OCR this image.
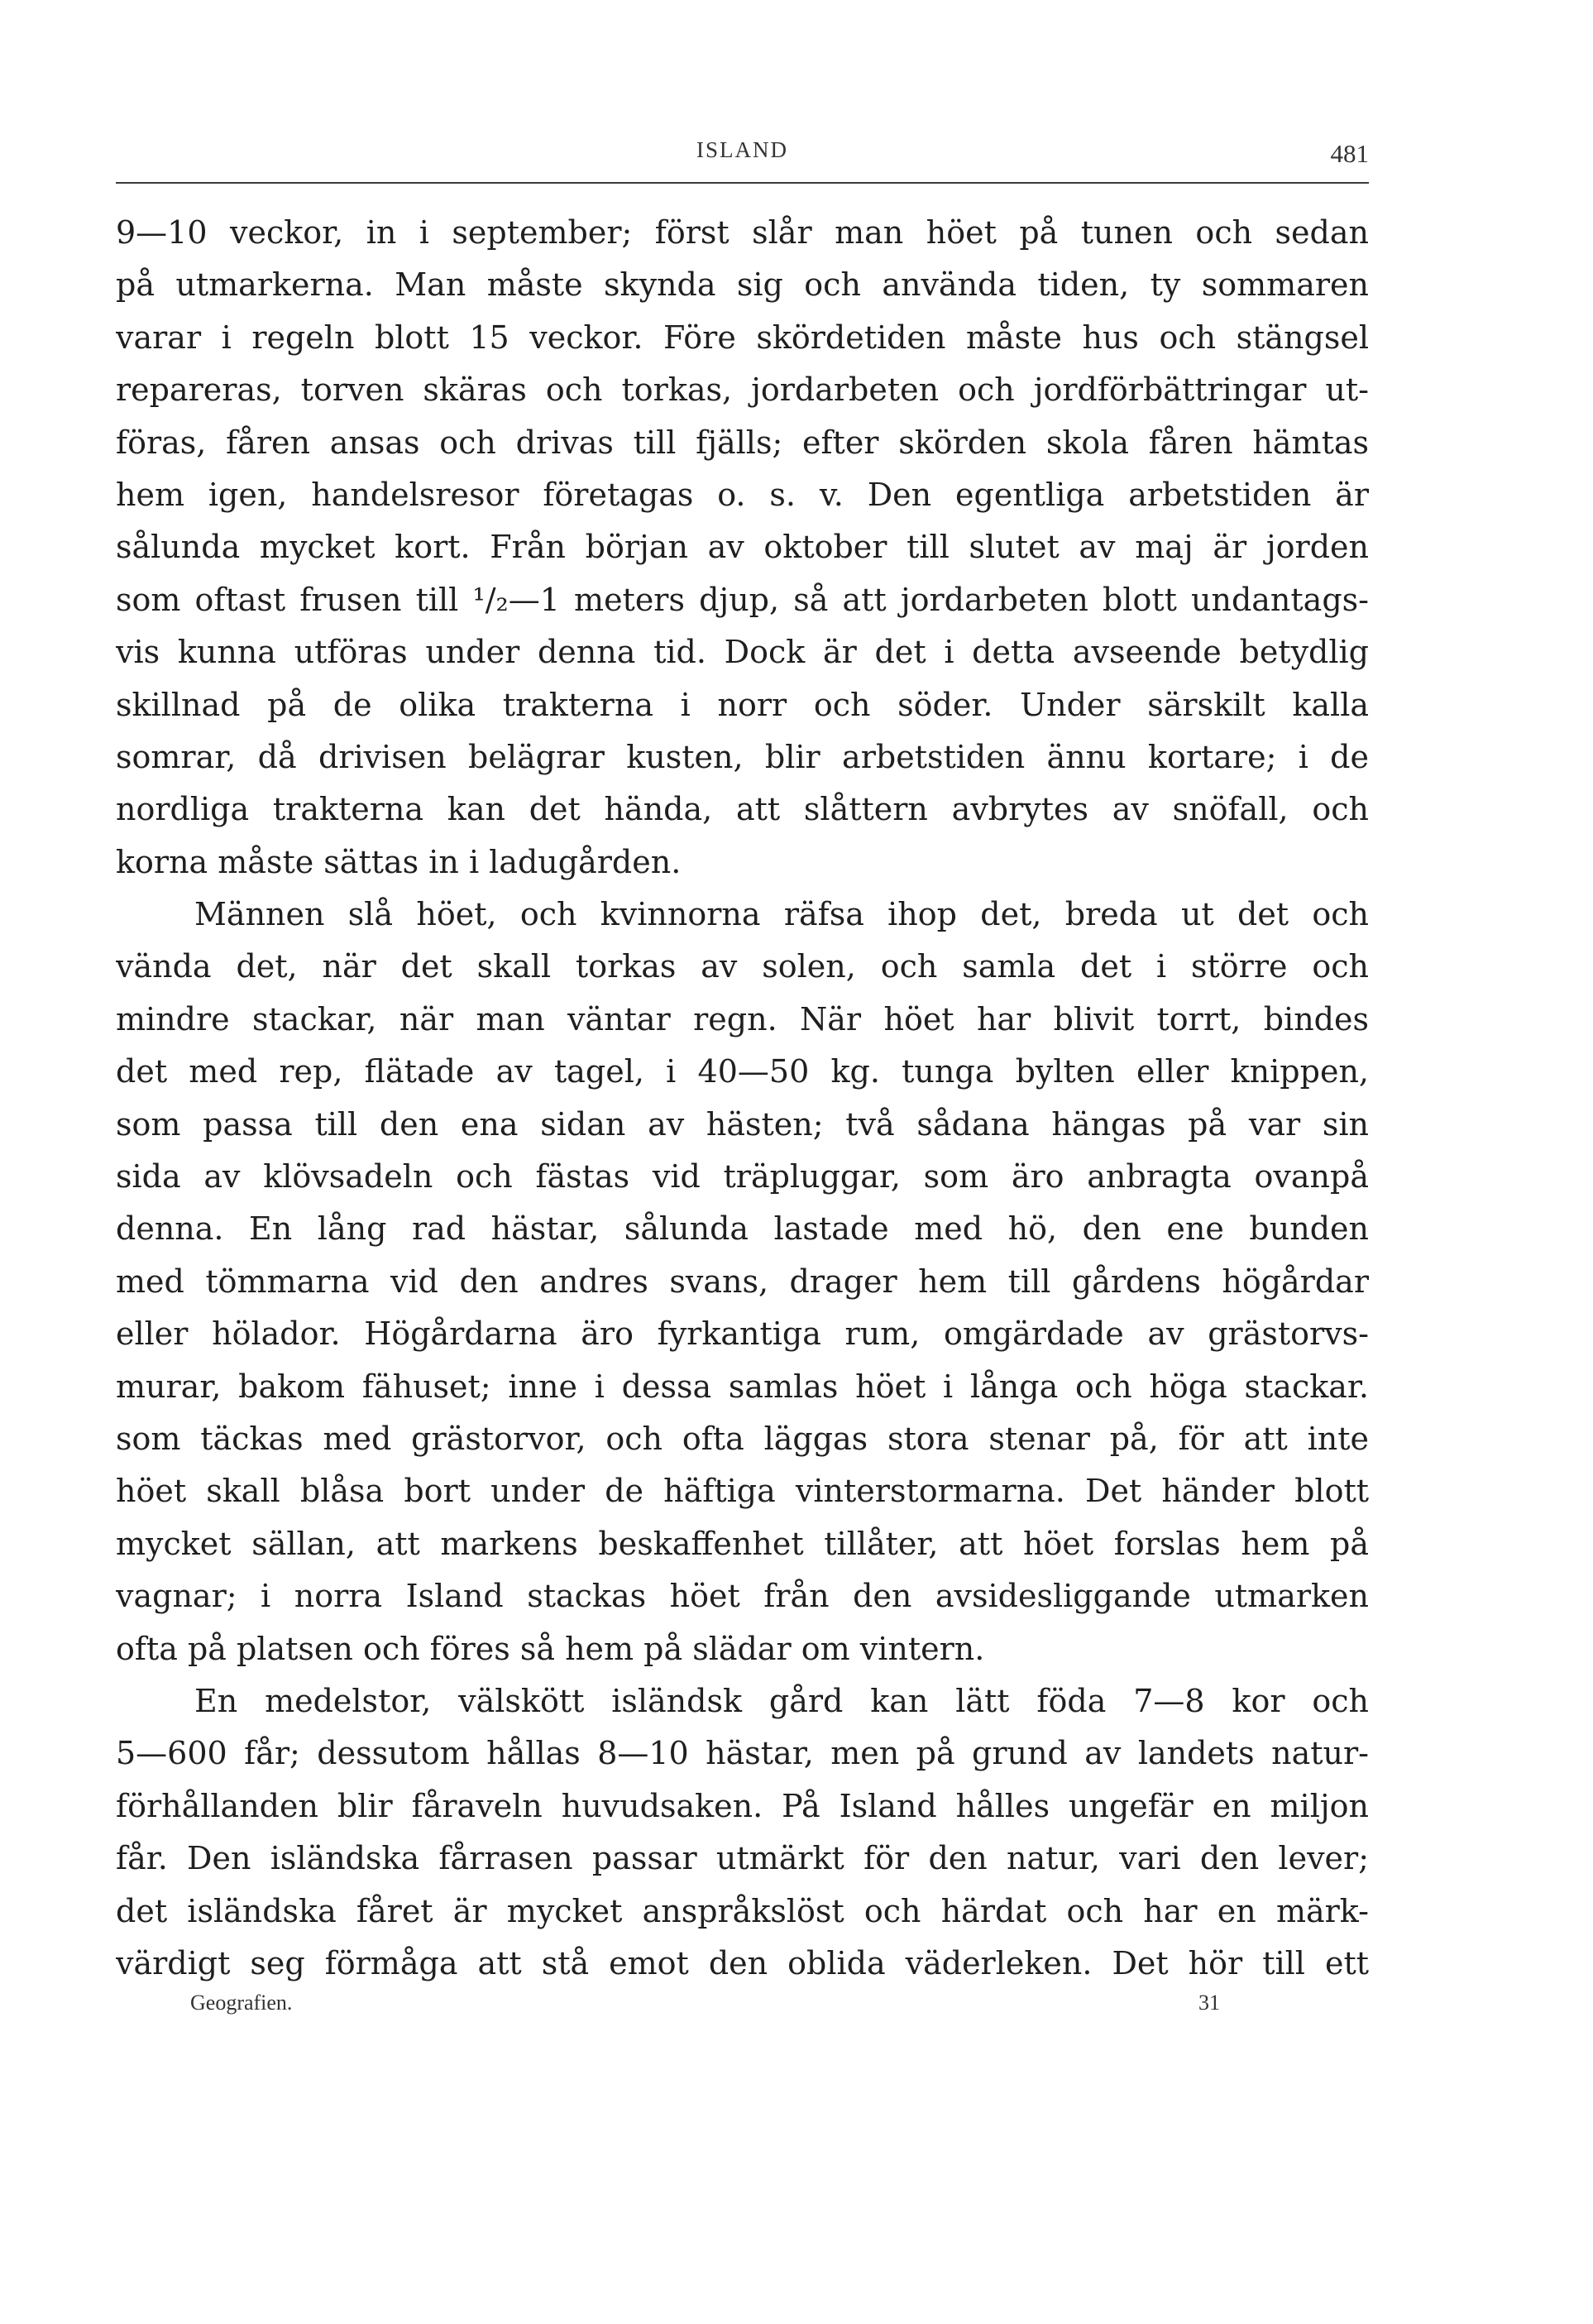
ISLAND	481
9—10 veckor, in i september; först slår man höet på tunen och sedan
på utmarkerna. Man måste skynda sig och använda tiden, ty sommaren
varar i regeln blott 15 veckor. Före skördetiden måste hus och stängsel
repareras, torven skäras och torkas, jordarbeten och jordförbättringar ut-
föras, fåren ansas och drivas till fjälls; efter skörden skola fåren hämtas
hem igen, handelsresor företagas o. s. v. Den egentliga arbetstiden är
sålunda mycket kort. Från början av oktober till slutet av maj är jorden
som oftast frusen till ¹/₂—1 meters djup, så att jordarbeten blott undantags-
vis kunna utföras under denna tid. Dock är det i detta avseende betydlig
skillnad på de olika trakterna i norr och söder. Under särskilt kalla
somrar, då drivisen belägrar kusten, blir arbetstiden ännu kortare; i de
nordliga trakterna kan det hända, att slåttern avbrytes av snöfall, och
korna måste sättas in i ladugården.
Männen slå höet, och kvinnorna räfsa ihop det, breda ut det och
vända det, när det skall torkas av solen, och samla det i större och
mindre stackar, när man väntar regn. När höet har blivit torrt, bindes
det med rep, flätade av tagel, i 40—50 kg. tunga bylten eller knippen,
som passa till den ena sidan av hästen; två sådana hängas på var sin
sida av klövsadeln och fästas vid träpluggar, som äro anbragta ovanpå
denna. En lång rad hästar, sålunda lastade med hö, den ene bunden
med tömmarna vid den andres svans, drager hem till gårdens högårdar
eller hölador. Högårdarna äro fyrkantiga rum, omgärdade av grästorvs-
murar, bakom fähuset; inne i dessa samlas höet i långa och höga stackar.
som täckas med grästorvor, och ofta läggas stora stenar på, för att inte
höet skall blåsa bort under de häftiga vinterstormarna. Det händer blott
mycket sällan, att markens beskaffenhet tillåter, att höet forslas hem på
vagnar; i norra Island stackas höet från den avsidesliggande utmarken
ofta på platsen och föres så hem på slädar om vintern.
En medelstor, välskött isländsk gård kan lätt föda 7—8 kor och
5—600 får; dessutom hållas 8—10 hästar, men på grund av landets natur-
förhållanden blir fåraveln huvudsaken. På Island hålles ungefär en miljon
får. Den isländska fårrasen passar utmärkt för den natur, vari den lever;
det isländska fåret är mycket anspråkslöst och härdat och har en märk-
värdigt seg förmåga att stå emot den oblida väderleken. Det hör till ett
Geografien.	31
